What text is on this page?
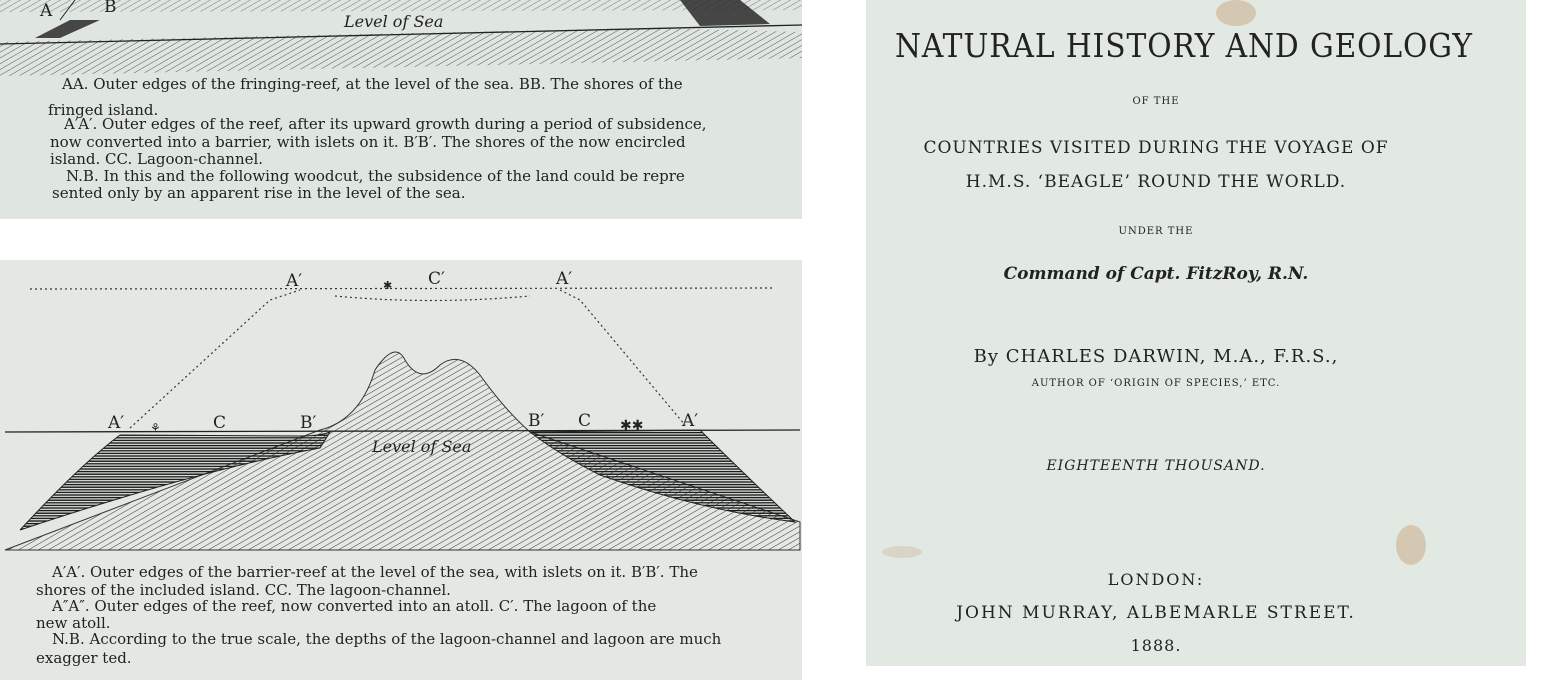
A	B
Level of Sea
AA. Outer edges of the fringing-reef, at the level of the sea. BB. The shores of the
fringed island.
A′A′. Outer edges of the reef, after its upward growth during a period of subsidence,
now converted into a barrier, with islets on it. B′B′. The shores of the now encircled
island. CC. Lagoon-channel.
N.B. In this and the following woodcut, the subsidence of the land could be repre
sented only by an apparent rise in the level of the sea.
⚘	✱✱
✱
A′	C	B′	B′ C	A′
A′	C′	A′
Level of Sea
A′A′. Outer edges of the barrier-reef at the level of the sea, with islets on it. B′B′. The
shores of the included island. CC. The lagoon-channel.
A″A″. Outer edges of the reef, now converted into an atoll. C′. The lagoon of the
new atoll.
N.B. According to the true scale, the depths of the lagoon-channel and lagoon are much
exagger ted.

NATURAL HISTORY AND GEOLOGY

OF THE

COUNTRIES VISITED DURING THE VOYAGE OF

H.M.S. ‘BEAGLE’ ROUND THE WORLD.

UNDER THE

Command of Capt. FitzRoy, R.N.

By CHARLES DARWIN, M.A., F.R.S.,

AUTHOR OF ‘ORIGIN OF SPECIES,’ ETC.

EIGHTEENTH THOUSAND.

LONDON:

JOHN MURRAY, ALBEMARLE STREET.

1888.
